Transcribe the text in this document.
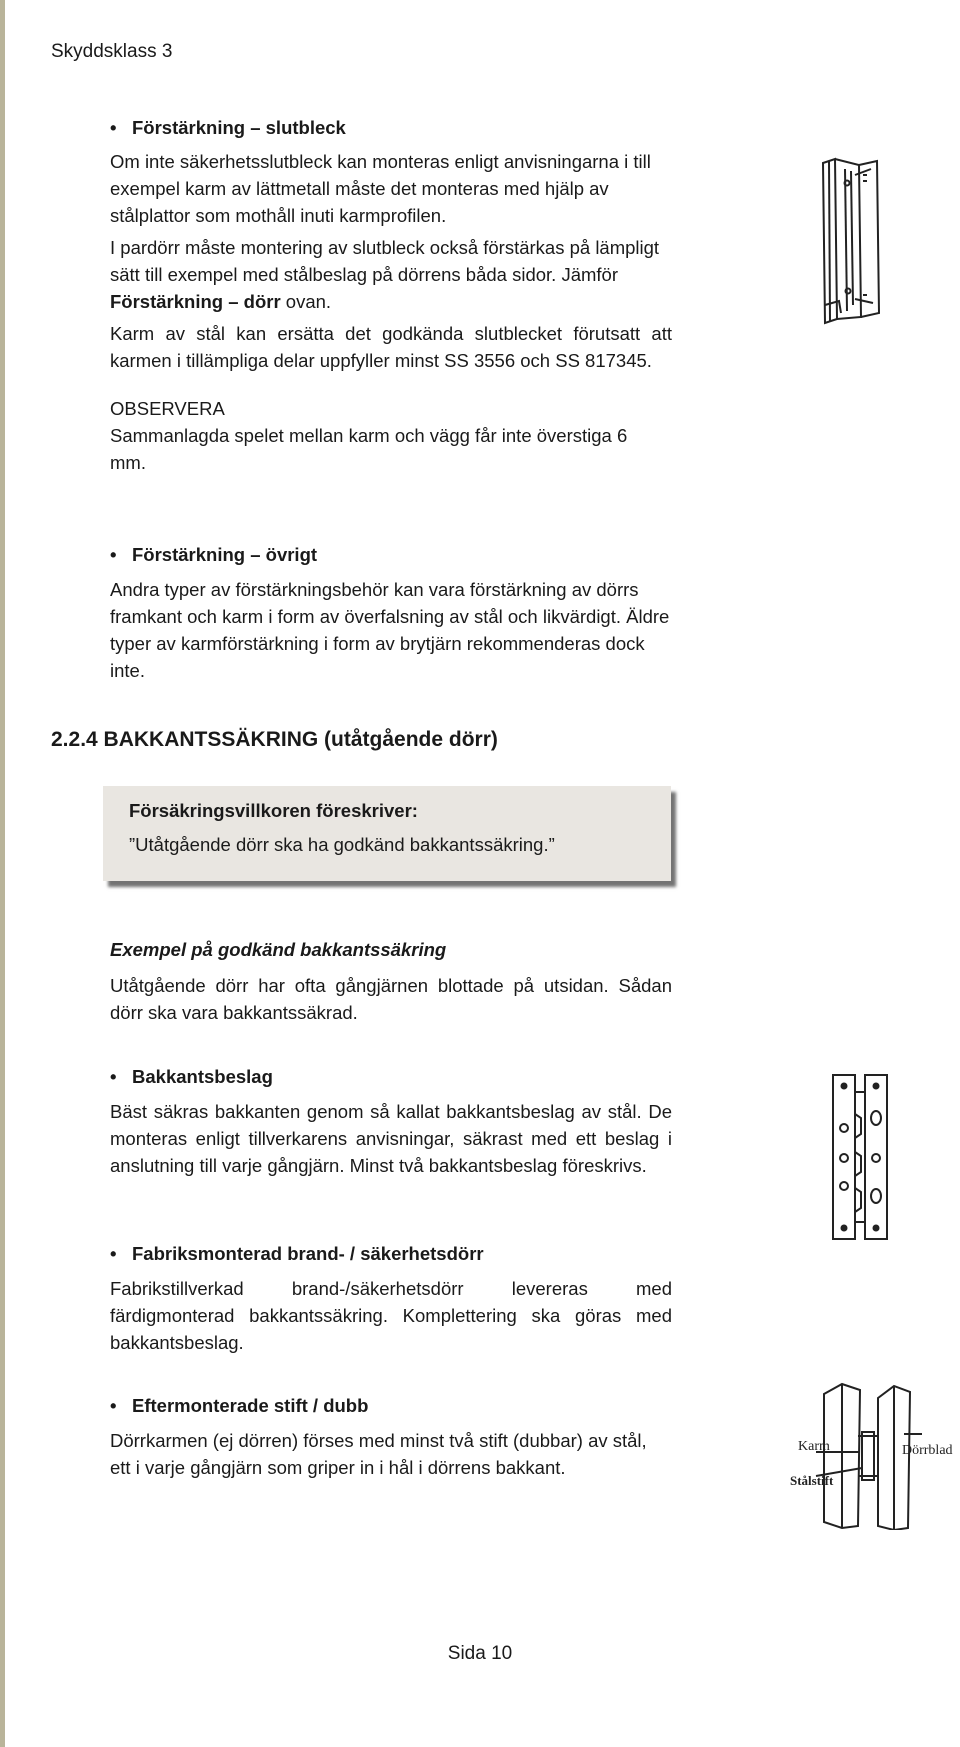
Skyddsklass 3

• Förstärkning – slutbleck

Om inte säkerhetsslutbleck kan monteras enligt anvisningarna i till exempel karm av lättmetall måste det monteras med hjälp av stålplattor som mothåll inuti karmprofilen.

I pardörr måste montering av slutbleck också förstärkas på lämpligt sätt till exempel med stålbeslag på dörrens båda sidor. Jämför Förstärkning – dörr ovan.

Karm av stål kan ersätta det godkända slutblecket förutsatt att karmen i tillämpliga delar uppfyller minst SS 3556 och SS 817345.

OBSERVERA

Sammanlagda spelet mellan karm och vägg får inte överstiga 6 mm.

• Förstärkning – övrigt

Andra typer av förstärkningsbehör kan vara förstärkning av dörrs framkant och karm i form av överfalsning av stål och likvärdigt. Äldre typer av karmförstärkning i form av brytjärn rekommenderas dock inte.

2.2.4 BAKKANTSSÄKRING (utåtgående dörr)
Försäkringsvillkoren föreskriver:
”Utåtgående dörr ska ha godkänd bakkantssäkring.”

Exempel på godkänd bakkantssäkring

Utåtgående dörr har ofta gångjärnen blottade på utsidan. Sådan dörr ska vara bakkantssäkrad.

• Bakkantsbeslag

Bäst säkras bakkanten genom så kallat bakkantsbeslag av stål. De monteras enligt tillverkarens anvisningar, säkrast med ett beslag i anslutning till varje gångjärn. Minst två bakkantsbeslag föreskrivs.

• Fabriksmonterad brand- / säkerhetsdörr

Fabrikstillverkad brand-/säkerhetsdörr levereras med färdigmonterad bakkantssäkring. Komplettering ska göras med bakkantsbeslag.

• Eftermonterade stift / dubb

Dörrkarmen (ej dörren) förses med minst två stift (dubbar) av stål, ett i varje gångjärn som griper in i hål i dörrens bakkant.

Karm	Dörrblad
Stålstift
Sida 10
